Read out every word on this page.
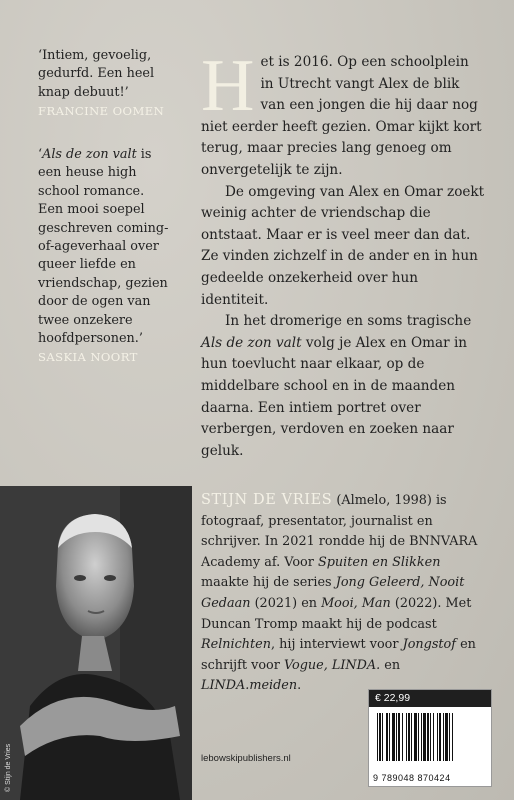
‘Intiem, gevoelig, gedurfd. Een heel knap debuut!’
FRANCINE OOMEN
‘Als de zon valt is een heuse high school romance. Een mooi soepel geschreven coming-of-ageverhaal over queer liefde en vriendschap, gezien door de ogen van twee onzekere hoofdpersonen.’
SASKIA NOORT

Het is 2016. Op een schoolplein in Utrecht vangt Alex de blik van een jongen die hij daar nog niet eerder heeft gezien. Omar kijkt kort terug, maar precies lang genoeg om onvergetelijk te zijn.

De omgeving van Alex en Omar zoekt weinig achter de vriendschap die ontstaat. Maar er is veel meer dan dat. Ze vinden zichzelf in de ander en in hun gedeelde onzekerheid over hun identiteit.

In het dromerige en soms tragische Als de zon valt volg je Alex en Omar in hun toevlucht naar elkaar, op de middelbare school en in de maanden daarna. Een intiem portret over verbergen, verdoven en zoeken naar geluk.

© Stijn de Vries
STIJN DE VRIES (Almelo, 1998) is fotograaf, presentator, journalist en schrijver. In 2021 rondde hij de BNNVARA Academy af. Voor Spuiten en Slikken maakte hij de series Jong Geleerd, Nooit Gedaan (2021) en Mooi, Man (2022). Met Duncan Tromp maakt hij de podcast Relnichten, hij interviewt voor Jongstof en schrijft voor Vogue, LINDA. en LINDA.meiden.
€ 22,99
9 789048 870424
lebowskipublishers.nl
